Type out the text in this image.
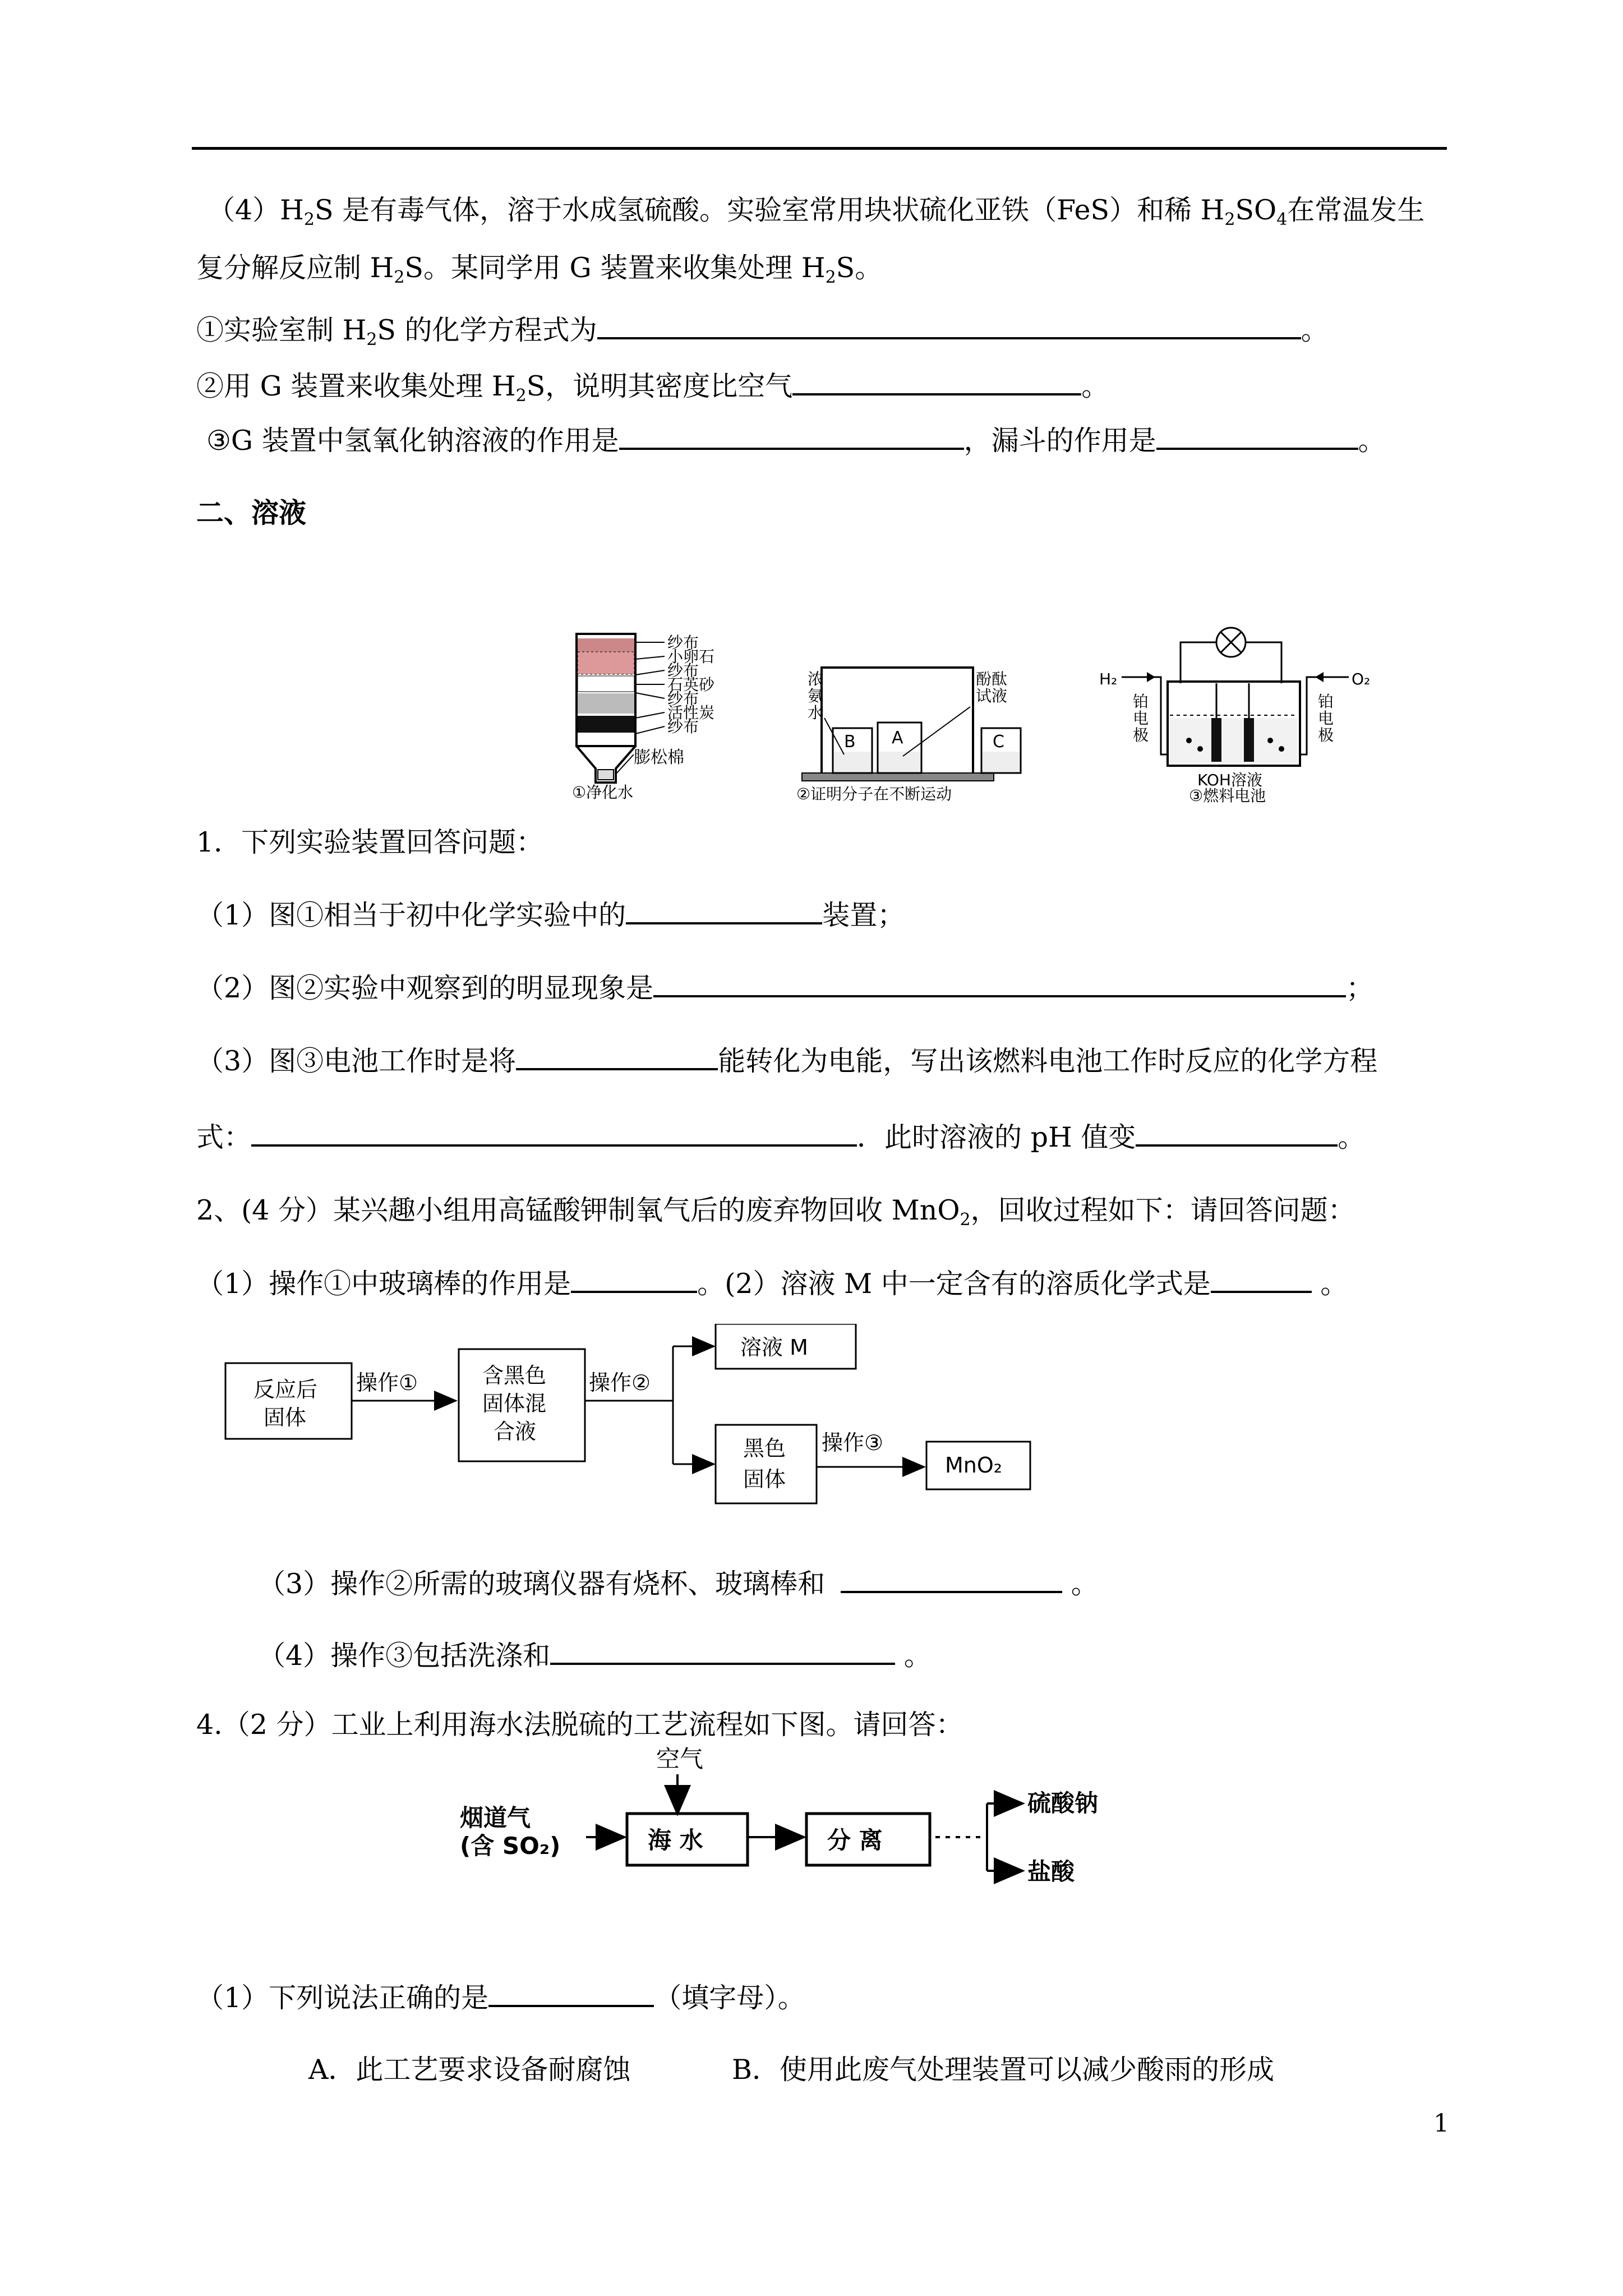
$(4)H_2S$ 是有毒气体，溶于水成氢硫酸。实验室常用块状硫化亚铁（FeS）和稀 $H_2SO_4$在常温发生
复分解反应制 $H_2S$。某同学用 G 装置来收集处理 $H_2S$。
①实验室制 $H_2S$ 的化学方程式为	。
②用 G 装置来收集处理 $H_2S$，说明其密度比空气	。
③G 装置中氢氧化钠溶液的作用是	，漏斗的作用是	。
二、溶液
纱布
小卵石
纱布
石英砂
纱布
活性炭
纱布
膨松棉
①净化水
B A	C
浓
氨
水
酚酞
试液
②证明分子在不断运动
H₂	O₂
铂
电
极
铂
电
极
KOH溶液
③燃料电池
1．下列实验装置回答问题：
（1）图①相当于初中化学实验中的	装置；
（2）图②实验中观察到的明显现象是	；
（3）图③电池工作时是将	能转化为电能，写出该燃料电池工作时反应的化学方程
式：	．此时溶液的 pH 值变	。
2、(4 分）某兴趣小组用高锰酸钾制氧气后的废弃物回收 MnO$_2$，回收过程如下：请回答问题：
（1）操作①中玻璃棒的作用是	。(2）溶液 M 中一定含有的溶质化学式是	。
反应后
固体
操作①	含黑色
固体混
合液
操作②
溶液 M
黑色
固体
操作③
MnO₂
（3）操作②所需的玻璃仪器有烧杯、玻璃棒和	。
（4）操作③包括洗涤和	。
4.（2 分）工业上利用海水法脱硫的工艺流程如下图。请回答：
空气
烟道气
(含 SO₂)	海 水	分 离
硫酸钠
盐酸
（1）下列说法正确的是	（填字母）。
A．此工艺要求设备耐腐蚀	B．使用此废气处理装置可以减少酸雨的形成
1
